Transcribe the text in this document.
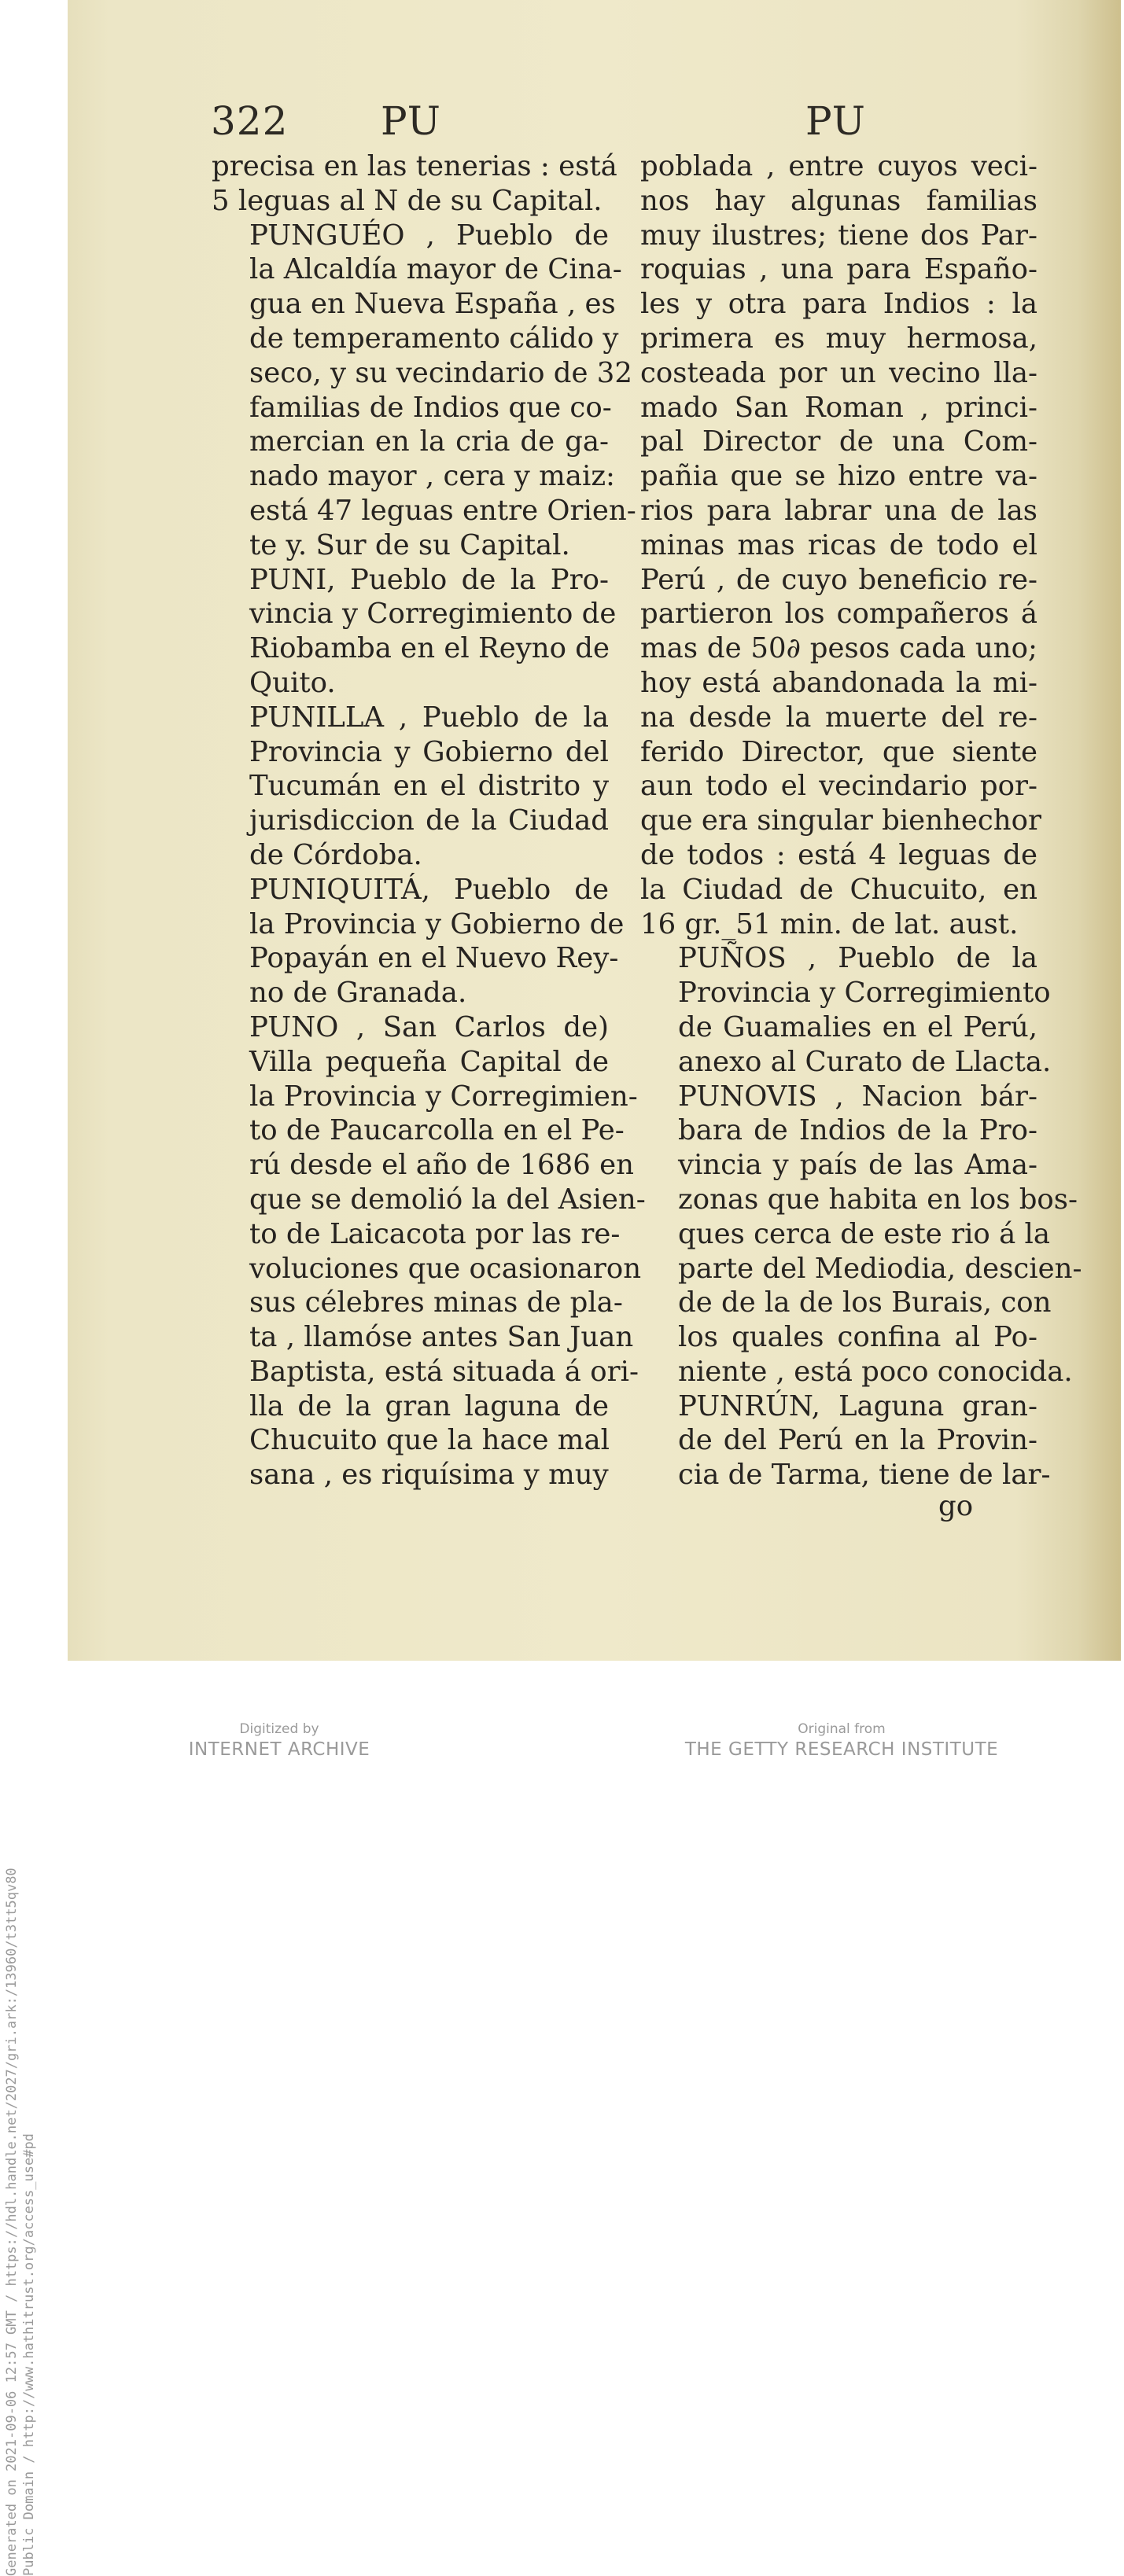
Generated on 2021-09-06 12:57 GMT / https://hdl.handle.net/2027/gri.ark:/13960/t3tt5qv80 Public Domain / http://www.hathitrust.org/access_use#pd
322 PU	PU

precisa en las tenerias : está
5 leguas al N de su Capital.

PUNGUÉO , Pueblo de
la Alcaldía mayor de Cina-
gua en Nueva España , es
de temperamento cálido y
seco, y su vecindario de 32
familias de Indios que co-
mercian en la cria de ga-
nado mayor , cera y maiz:
está 47 leguas entre Orien-
te y. Sur de su Capital.

PUNI, Pueblo de la Pro-
vincia y Corregimiento de
Riobamba en el Reyno de
Quito.

PUNILLA , Pueblo de la
Provincia y Gobierno del
Tucumán en el distrito y
jurisdiccion de la Ciudad
de Córdoba.

PUNIQUITÁ, Pueblo de
la Provincia y Gobierno de
Popayán en el Nuevo Rey-
no de Granada.

PUNO , San Carlos de)
Villa pequeña Capital de
la Provincia y Corregimien-
to de Paucarcolla en el Pe-
rú desde el año de 1686 en
que se demolió la del Asien-
to de Laicacota por las re-
voluciones que ocasionaron
sus célebres minas de pla-
ta , llamóse antes San Juan
Baptista, está situada á ori-
lla de la gran laguna de
Chucuito que la hace mal
sana , es riquísima y muy

poblada , entre cuyos veci-
nos hay algunas familias
muy ilustres; tiene dos Par-
roquias , una para Españo-
les y otra para Indios : la
primera es muy hermosa,
costeada por un vecino lla-
mado San Roman , princi-
pal Director de una Com-
pañia que se hizo entre va-
rios para labrar una de las
minas mas ricas de todo el
Perú , de cuyo beneficio re-
partieron los compañeros á
mas de 50∂ pesos cada uno;
hoy está abandonada la mi-
na desde la muerte del re-
ferido Director, que siente
aun todo el vecindario por-
que era singular bienhechor
de todos : está 4 leguas de
la Ciudad de Chucuito, en
16 gr._51 min. de lat. aust.

PUÑOS , Pueblo de la
Provincia y Corregimiento
de Guamalies en el Perú,
anexo al Curato de Llacta.

PUNOVIS , Nacion bár-
bara de Indios de la Pro-
vincia y país de las Ama-
zonas que habita en los bos-
ques cerca de este rio á la
parte del Mediodia, descien-
de de la de los Burais, con
los quales confina al Po-
niente , está poco conocida.

PUNRÚN, Laguna gran-
de del Perú en la Provin-
cia de Tarma, tiene de lar-

go
Digitized by
INTERNET ARCHIVE
Original from
THE GETTY RESEARCH INSTITUTE
